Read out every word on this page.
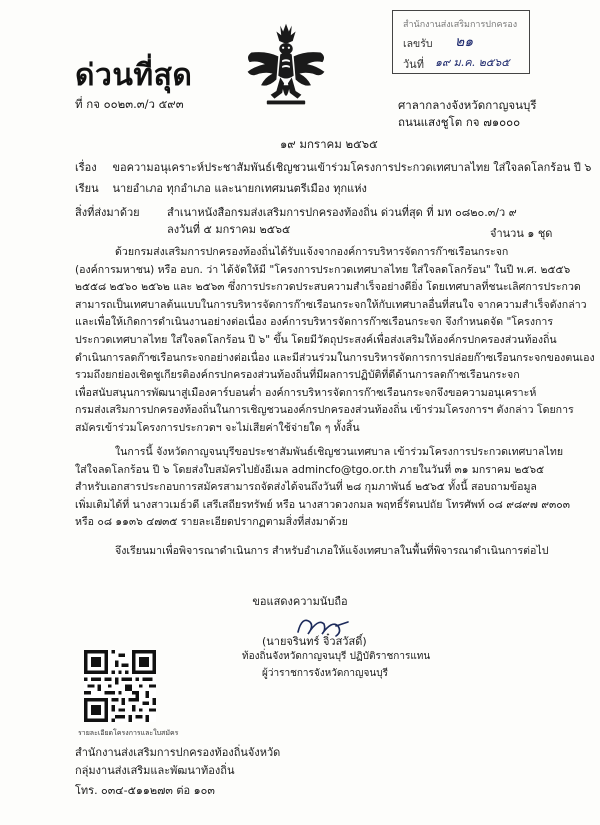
ด่วนที่สุด
ที่ กจ ๐๐๒๓.๓/ว ๕๙๓
สำนักงานส่งเสริมการปกครอง
เลขรับ ๒๑
วันที่ ๑๙ ม.ค. ๒๕๖๕
ศาลากลางจังหวัดกาญจนบุรี
ถนนแสงชูโต กจ ๗๑๐๐๐
๑๙ มกราคม ๒๕๖๕
เรื่อง ขอความอนุเคราะห์ประชาสัมพันธ์เชิญชวนเข้าร่วมโครงการประกวดเทศบาลไทย ใส่ใจลดโลกร้อน ปี ๖
เรียน นายอำเภอ ทุกอำเภอ และนายกเทศมนตรีเมือง ทุกแห่ง
สิ่งที่ส่งมาด้วย สำเนาหนังสือกรมส่งเสริมการปกครองท้องถิ่น ด่วนที่สุด ที่ มท ๐๘๒๐.๓/ว ๙
ลงวันที่ ๕ มกราคม ๒๕๖๕	จำนวน ๑ ชุด

ด้วยกรมส่งเสริมการปกครองท้องถิ่นได้รับแจ้งจากองค์การบริหารจัดการก๊าซเรือนกระจก

(องค์การมหาชน) หรือ อบก. ว่า ได้จัดให้มี "โครงการประกวดเทศบาลไทย ใส่ใจลดโลกร้อน" ในปี พ.ศ. ๒๕๕๖

๒๕๕๘ ๒๕๖๐ ๒๕๖๒ และ ๒๕๖๓ ซึ่งการประกวดประสบความสำเร็จอย่างดียิ่ง โดยเทศบาลที่ชนะเลิศการประกวด

สามารถเป็นเทศบาลต้นแบบในการบริหารจัดการก๊าซเรือนกระจกให้กับเทศบาลอื่นที่สนใจ จากความสำเร็จดังกล่าว

และเพื่อให้เกิดการดำเนินงานอย่างต่อเนื่อง องค์การบริหารจัดการก๊าซเรือนกระจก จึงกำหนดจัด "โครงการ

ประกวดเทศบาลไทย ใส่ใจลดโลกร้อน ปี ๖" ขึ้น โดยมีวัตถุประสงค์เพื่อส่งเสริมให้องค์กรปกครองส่วนท้องถิ่น

ดำเนินการลดก๊าซเรือนกระจกอย่างต่อเนื่อง และมีส่วนร่วมในการบริหารจัดการการปล่อยก๊าซเรือนกระจกของตนเอง

รวมถึงยกย่องเชิดชูเกียรติองค์กรปกครองส่วนท้องถิ่นที่มีผลการปฏิบัติที่ดีด้านการลดก๊าซเรือนกระจก

เพื่อสนับสนุนการพัฒนาสู่เมืองคาร์บอนต่ำ องค์การบริหารจัดการก๊าซเรือนกระจกจึงขอความอนุเคราะห์

กรมส่งเสริมการปกครองท้องถิ่นในการเชิญชวนองค์กรปกครองส่วนท้องถิ่น เข้าร่วมโครงการฯ ดังกล่าว โดยการ

สมัครเข้าร่วมโครงการประกวดฯ จะไม่เสียค่าใช้จ่ายใด ๆ ทั้งสิ้น

ในการนี้ จังหวัดกาญจนบุรีขอประชาสัมพันธ์เชิญชวนเทศบาล เข้าร่วมโครงการประกวดเทศบาลไทย

ใส่ใจลดโลกร้อน ปี ๖ โดยส่งใบสมัครไปยังอีเมล admincfo@tgo.or.th ภายในวันที่ ๓๑ มกราคม ๒๕๖๕

สำหรับเอกสารประกอบการสมัครสามารถจัดส่งได้จนถึงวันที่ ๒๘ กุมภาพันธ์ ๒๕๖๕ ทั้งนี้ สอบถามข้อมูล

เพิ่มเติมได้ที่ นางสาวเมธ์วดี เสรีเสถียรทรัพย์ หรือ นางสาวดวงกมล พฤทธิ์รัตนปถัย โทรศัพท์ ๐๘ ๙๘๙๗ ๙๓๐๓

หรือ ๐๘ ๑๑๓๖ ๔๗๓๕ รายละเอียดปรากฏตามสิ่งที่ส่งมาด้วย

จึงเรียนมาเพื่อพิจารณาดำเนินการ สำหรับอำเภอให้แจ้งเทศบาลในพื้นที่พิจารณาดำเนินการต่อไป

ขอแสดงความนับถือ
(นายจรินทร์ จิ๋วสวัสดิ์)
ท้องถิ่นจังหวัดกาญจนบุรี ปฏิบัติราชการแทน
ผู้ว่าราชการจังหวัดกาญจนบุรี
รายละเอียดโครงการและใบสมัคร
สำนักงานส่งเสริมการปกครองท้องถิ่นจังหวัด
กลุ่มงานส่งเสริมและพัฒนาท้องถิ่น
โทร. ๐๓๔-๕๑๑๒๗๓ ต่อ ๑๐๓
